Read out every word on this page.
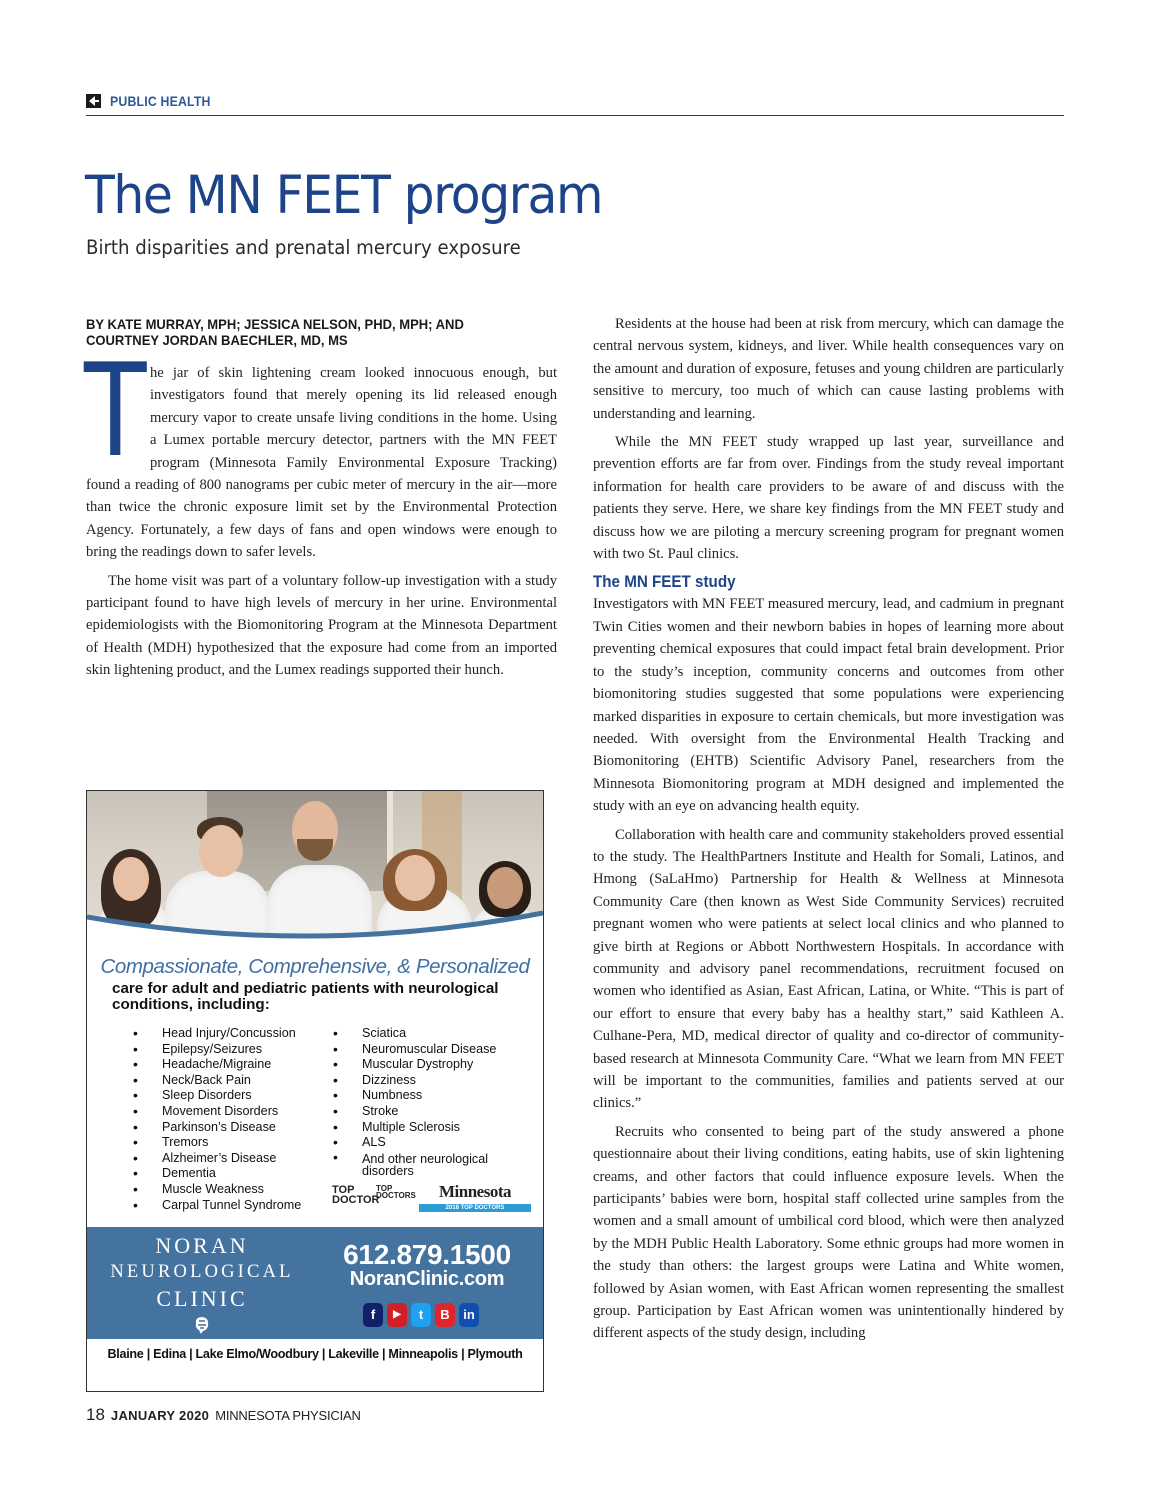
PUBLIC HEALTH
The MN FEET program
Birth disparities and prenatal mercury exposure
BY KATE MURRAY, MPH; JESSICA NELSON, PHD, MPH; AND COURTNEY JORDAN BAECHLER, MD, MS

The jar of skin lightening cream looked innocuous enough, but investigators found that merely opening its lid released enough mercury vapor to create unsafe living conditions in the home. Using a Lumex portable mercury detector, partners with the MN FEET program (Minnesota Family Environmental Exposure Tracking) found a reading of 800 nanograms per cubic meter of mercury in the air—more than twice the chronic exposure limit set by the Environmental Protection Agency. Fortunately, a few days of fans and open windows were enough to bring the readings down to safer levels.

The home visit was part of a voluntary follow-up investigation with a study participant found to have high levels of mercury in her urine. Environmental epidemiologists with the Biomonitoring Program at the Minnesota Department of Health (MDH) hypothesized that the exposure had come from an imported skin lightening product, and the Lumex readings supported their hunch.

Residents at the house had been at risk from mercury, which can damage the central nervous system, kidneys, and liver. While health consequences vary on the amount and duration of exposure, fetuses and young children are particularly sensitive to mercury, too much of which can cause lasting problems with understanding and learning.

While the MN FEET study wrapped up last year, surveillance and prevention efforts are far from over. Findings from the study reveal important information for health care providers to be aware of and discuss with the patients they serve. Here, we share key findings from the MN FEET study and discuss how we are piloting a mercury screening program for pregnant women with two St. Paul clinics.

The MN FEET study

Investigators with MN FEET measured mercury, lead, and cadmium in pregnant Twin Cities women and their newborn babies in hopes of learning more about preventing chemical exposures that could impact fetal brain development. Prior to the study’s inception, community concerns and outcomes from other biomonitoring studies suggested that some populations were experiencing marked disparities in exposure to certain chemicals, but more investigation was needed. With oversight from the Environmental Health Tracking and Biomonitoring (EHTB) Scientific Advisory Panel, researchers from the Minnesota Biomonitoring program at MDH designed and implemented the study with an eye on advancing health equity.

Collaboration with health care and community stakeholders proved essential to the study. The HealthPartners Institute and Health for Somali, Latinos, and Hmong (SaLaHmo) Partnership for Health & Wellness at Minnesota Community Care (then known as West Side Community Services) recruited pregnant women who were patients at select local clinics and who planned to give birth at Regions or Abbott Northwestern Hospitals. In accordance with community and advisory panel recommendations, recruitment focused on women who identified as Asian, East African, Latina, or White. “This is part of our effort to ensure that every baby has a healthy start,” said Kathleen A. Culhane-Pera, MD, medical director of quality and co-director of community-based research at Minnesota Community Care. “What we learn from MN FEET will be important to the communities, families and patients served at our clinics.”

Recruits who consented to being part of the study answered a phone questionnaire about their living conditions, eating habits, use of skin lightening creams, and other factors that could influence exposure levels. When the participants’ babies were born, hospital staff collected urine samples from the women and a small amount of umbilical cord blood, which were then analyzed by the MDH Public Health Laboratory. Some ethnic groups had more women in the study than others: the largest groups were Latina and White women, followed by Asian women, with East African women representing the smallest group. Participation by East African women was unintentionally hindered by different aspects of the study design, including

Compassionate, Comprehensive, & Personalized
care for adult and pediatric patients with neurological conditions, including:
• Head Injury/Concussion
• Epilepsy/Seizures
• Headache/Migraine
• Neck/Back Pain
• Sleep Disorders
• Movement Disorders
• Parkinson’s Disease
• Tremors
• Alzheimer’s Disease
• Dementia
• Muscle Weakness
• Carpal Tunnel Syndrome
• Sciatica
• Neuromuscular Disease
• Muscular Dystrophy
• Dizziness
• Numbness
• Stroke
• Multiple Sclerosis
• ALS
• And other neurological disorders
TOP DOCTOR
TOP DOCTORS	Minnesota
2018 TOP DOCTORS
NORAN
NEUROLOGICAL
CLINIC
612.879.1500
NoranClinic.com
f	▶	t	B	in
Blaine | Edina | Lake Elmo/Woodbury | Lakeville | Minneapolis | Plymouth
18 JANUARY 2020 MINNESOTA PHYSICIAN
